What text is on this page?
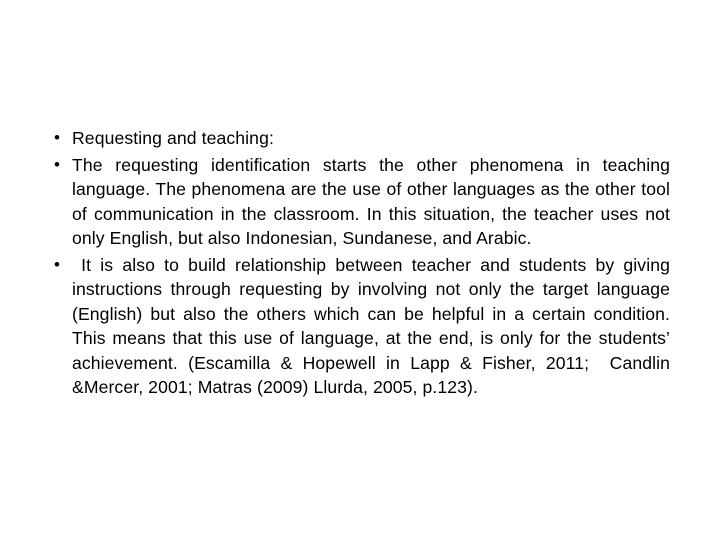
• Requesting and teaching:
• The requesting identification starts the other phenomena in teaching language. The phenomena are the use of other languages as the other tool of communication in the classroom. In this situation, the teacher uses not only English, but also Indonesian, Sundanese, and Arabic.
• It is also to build relationship between teacher and students by giving instructions through requesting by involving not only the target language (English) but also the others which can be helpful in a certain condition. This means that this use of language, at the end, is only for the students’ achievement. (Escamilla & Hopewell in Lapp & Fisher, 2011;  Candlin &Mercer, 2001; Matras (2009) Llurda, 2005, p.123).
